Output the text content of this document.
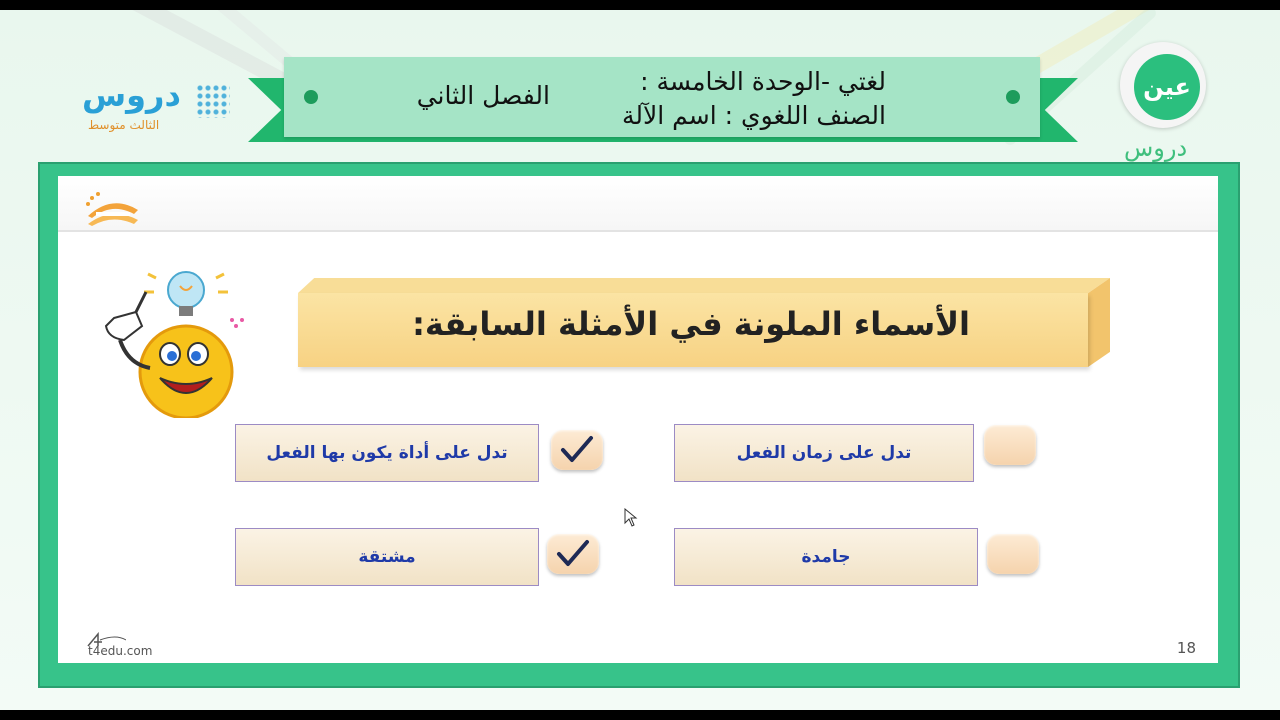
دروس
الثالث متوسط
لغتي -الوحدة الخامسة :
الصنف اللغوي : اسم الآلة
الفصل الثاني	عين
دروس
الأسماء الملونة في الأمثلة السابقة:
تدل على أداة يكون بها الفعل	تدل على زمان الفعل
مشتقة	جامدة
t4edu.com	18
